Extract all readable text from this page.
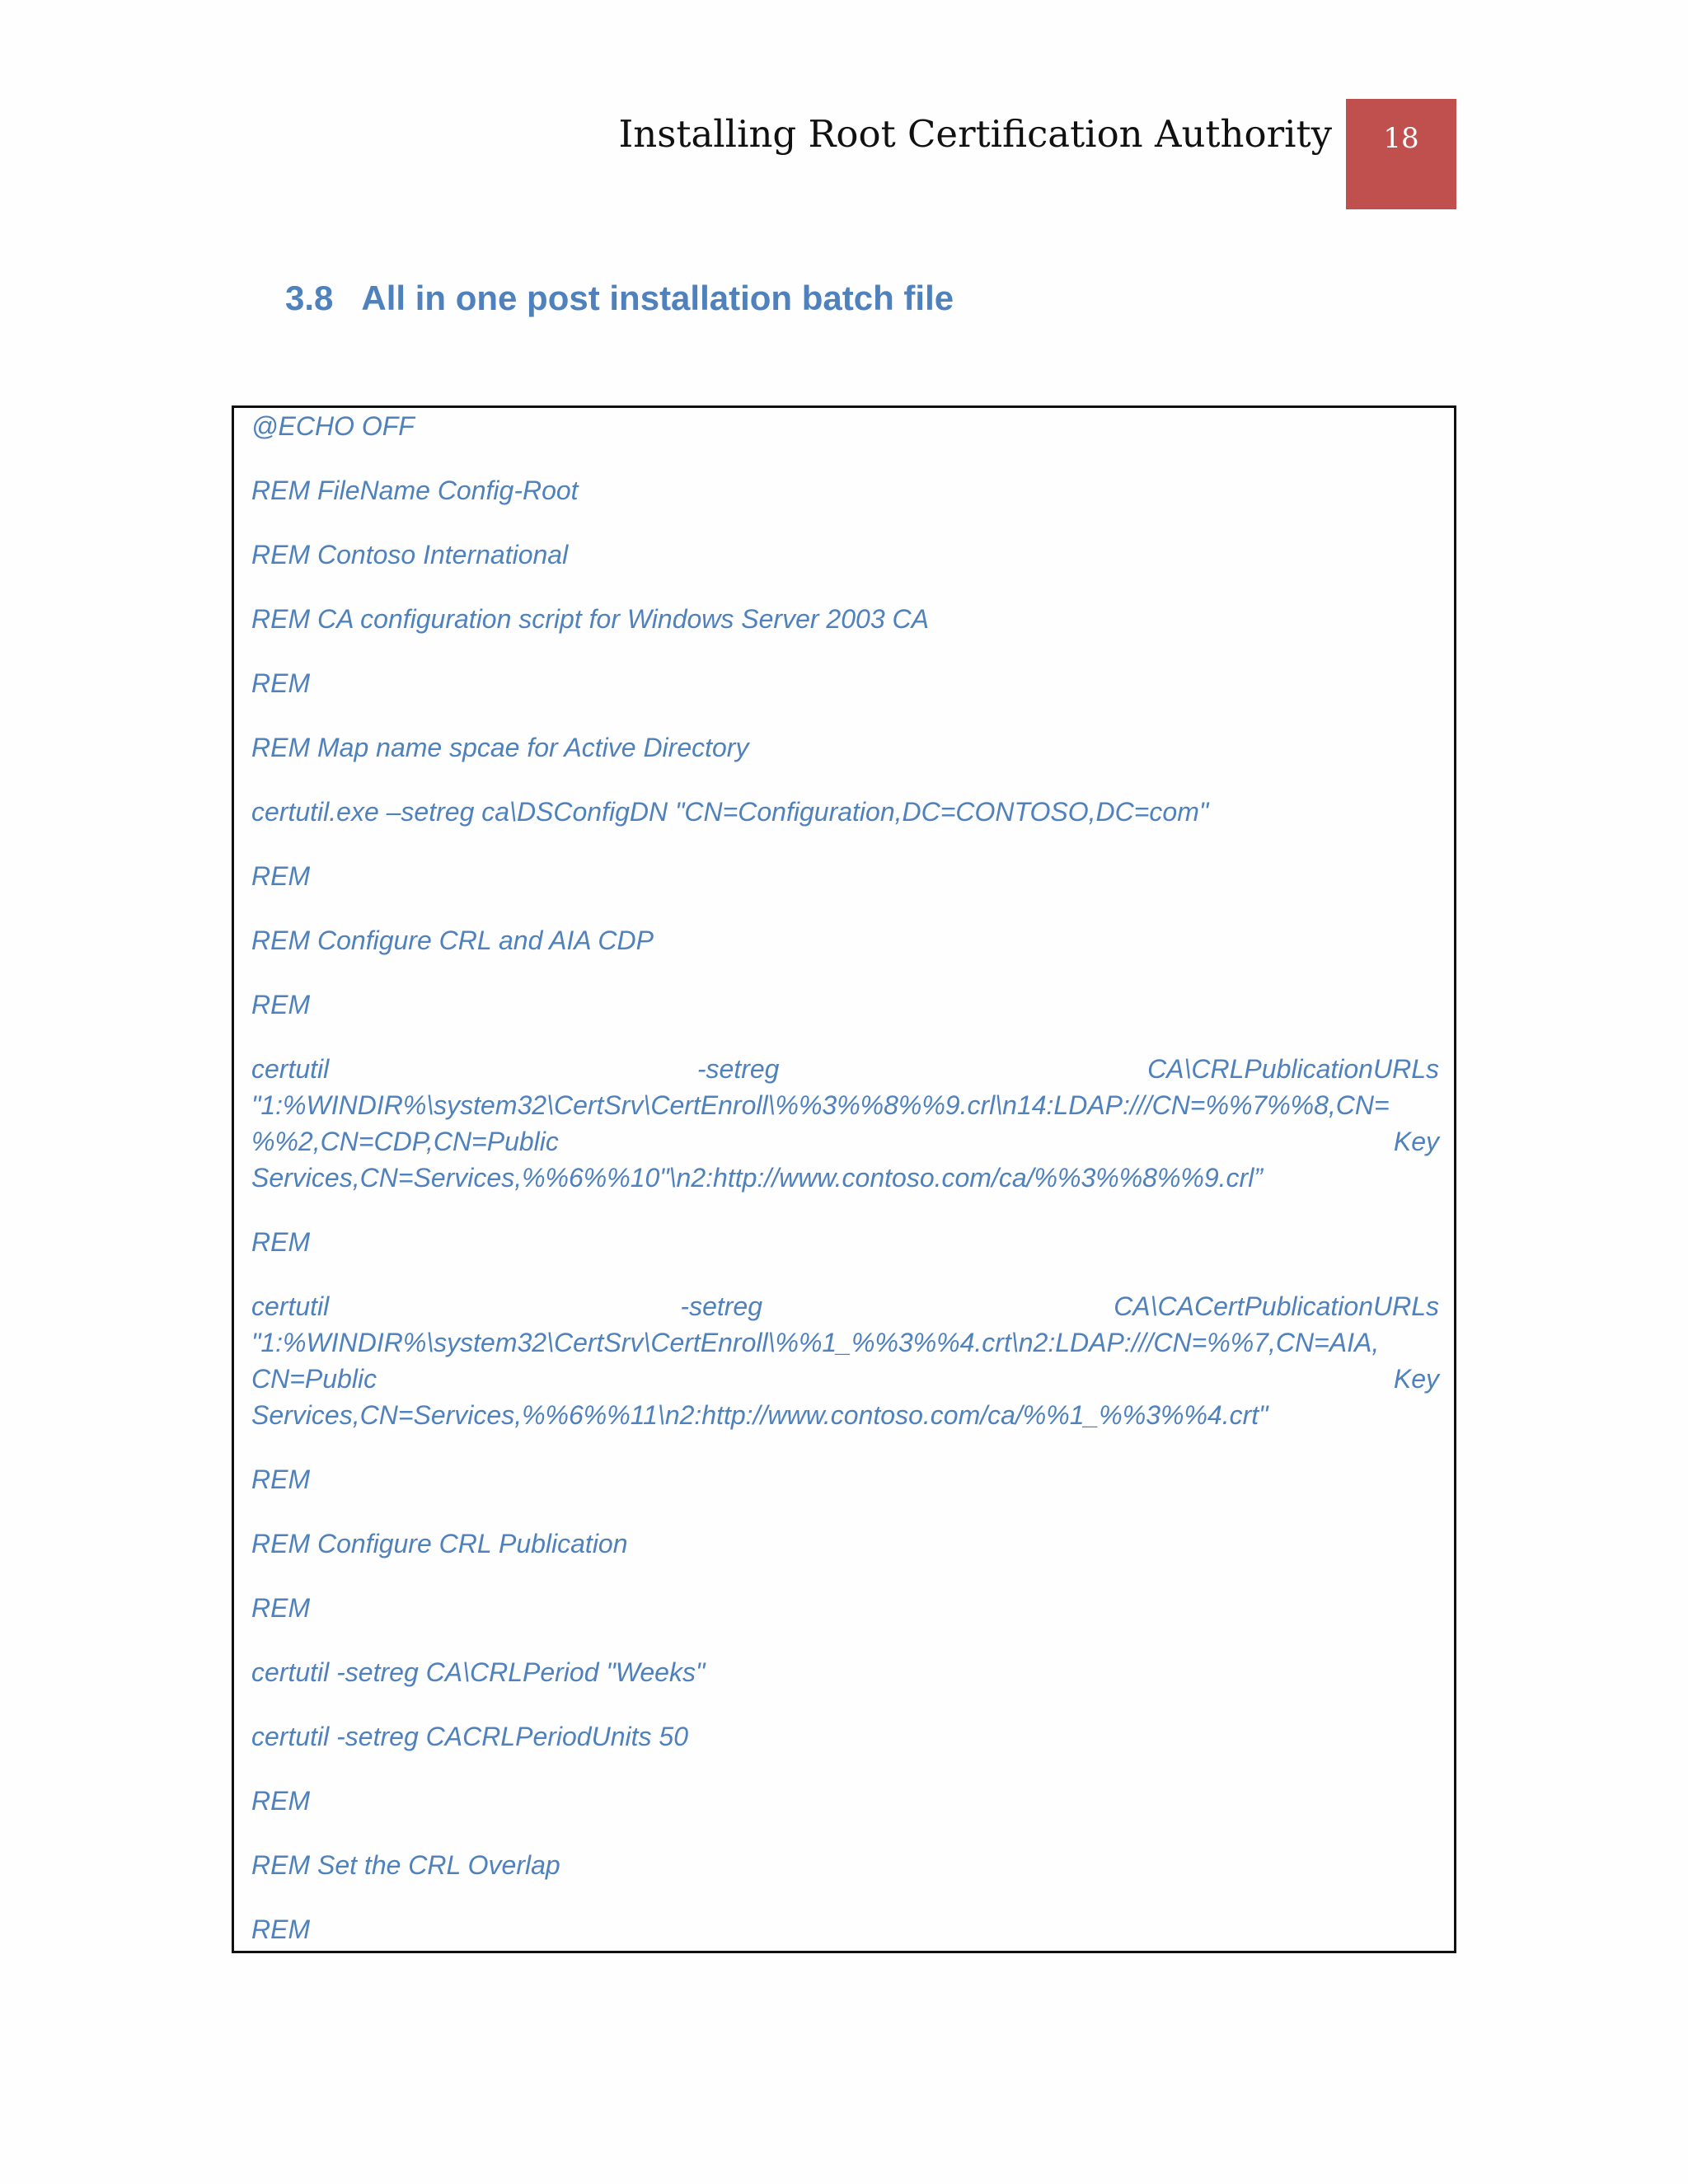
Installing Root Certification Authority	18
3.8 All in one post installation batch file
@ECHO OFF
REM FileName Config-Root
REM Contoso International
REM CA configuration script for Windows Server 2003 CA
REM
REM Map name spcae for Active Directory
certutil.exe –setreg ca\DSConfigDN "CN=Configuration,DC=CONTOSO,DC=com"
REM
REM Configure CRL and AIA CDP
REM
certutil	-setreg	CA\CRLPublicationURLs
"1:%WINDIR%\system32\CertSrv\CertEnroll\%%3%%8%%9.crl\n14:LDAP:///CN=%%7%%8,CN=
%%2,CN=CDP,CN=Public	Key
Services,CN=Services,%%6%%10"\n2:http://www.contoso.com/ca/%%3%%8%%9.crl”
REM
certutil	-setreg	CA\CACertPublicationURLs
"1:%WINDIR%\system32\CertSrv\CertEnroll\%%1_%%3%%4.crt\n2:LDAP:///CN=%%7,CN=AIA,
CN=Public	Key
Services,CN=Services,%%6%%11\n2:http://www.contoso.com/ca/%%1_%%3%%4.crt"
REM
REM Configure CRL Publication
REM
certutil -setreg CA\CRLPeriod "Weeks"
certutil -setreg CACRLPeriodUnits 50
REM
REM Set the CRL Overlap
REM
